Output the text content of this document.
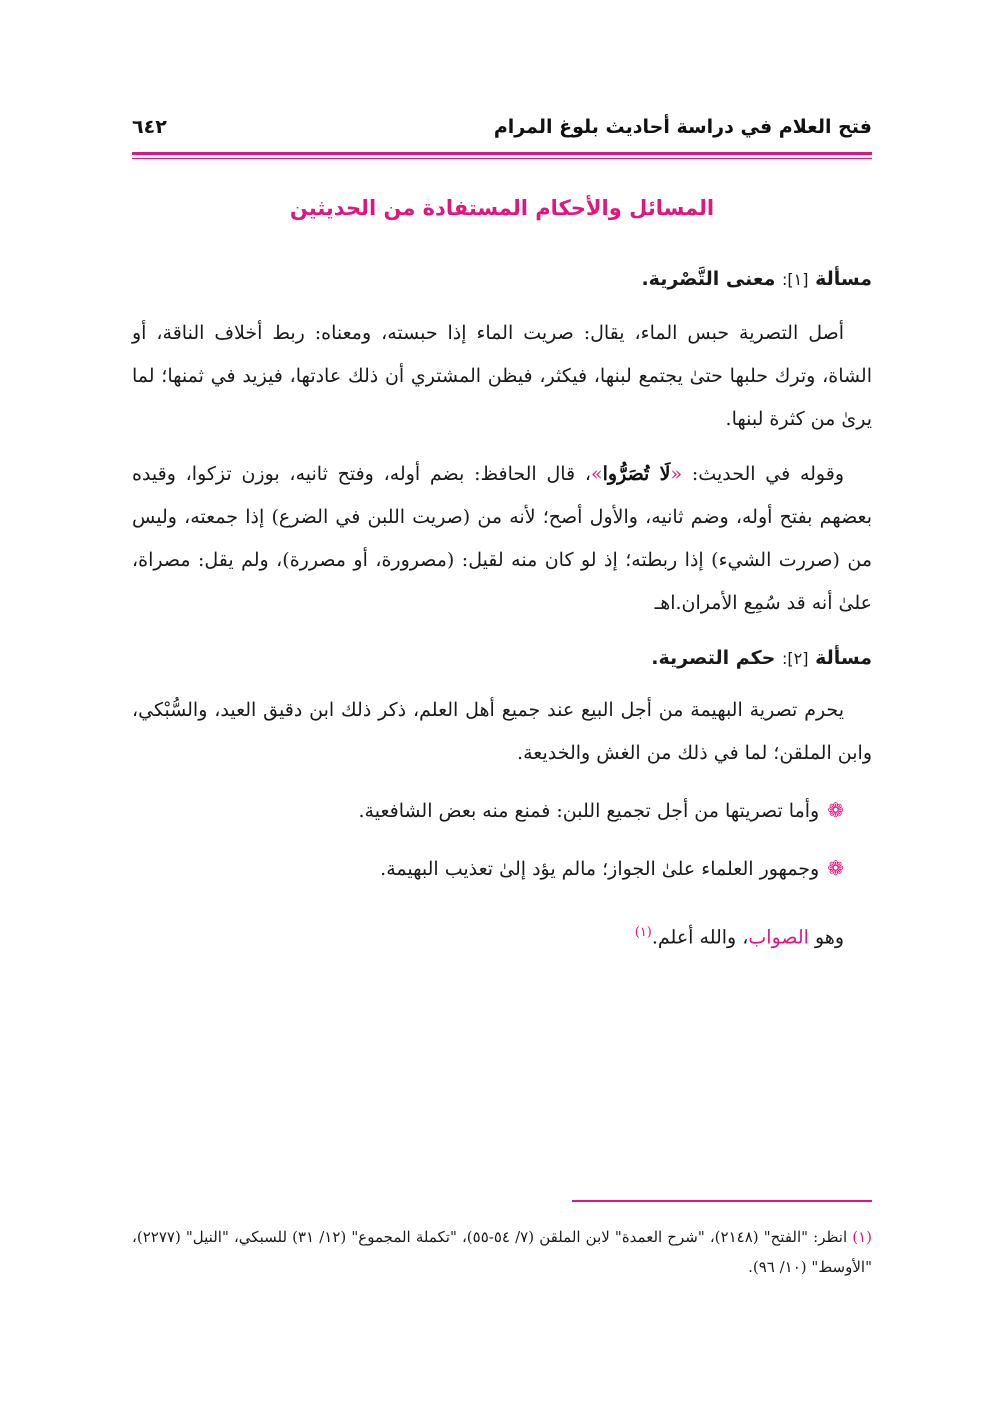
فتح العلام في دراسة أحاديث بلوغ المرام
٦٤٢
المسائل والأحكام المستفادة من الحديثين

مسألة [١]: معنى التَّصْرية.

أصل التصرية حبس الماء، يقال: صريت الماء إذا حبسته، ومعناه: ربط أخلاف الناقة، أو الشاة، وترك حلبها حتىٰ يجتمع لبنها، فيكثر، فيظن المشتري أن ذلك عادتها، فيزيد في ثمنها؛ لما يرىٰ من كثرة لبنها.

وقوله في الحديث: «لَا تُصَرُّوا»، قال الحافظ: بضم أوله، وفتح ثانيه، بوزن تزكوا، وقيده بعضهم بفتح أوله، وضم ثانيه، والأول أصح؛ لأنه من (صريت اللبن في الضرع) إذا جمعته، وليس من (صررت الشيء) إذا ربطته؛ إذ لو كان منه لقيل: (مصرورة، أو مصررة)، ولم يقل: مصراة، علىٰ أنه قد سُمِع الأمران.اهـ

مسألة [٢]: حكم التصرية.

يحرم تصرية البهيمة من أجل البيع عند جميع أهل العلم، ذكر ذلك ابن دقيق العيد، والسُّبْكي، وابن الملقن؛ لما في ذلك من الغش والخديعة.

❁وأما تصريتها من أجل تجميع اللبن: فمنع منه بعض الشافعية.

❁وجمهور العلماء علىٰ الجواز؛ مالم يؤد إلىٰ تعذيب البهيمة.

وهو الصواب، والله أعلم.$^{(١)}$

(١) انظر: "الفتح" (٢١٤٨)، "شرح العمدة" لابن الملقن (٧/ ٥٤-٥٥)، "تكملة المجموع" (١٢/ ٣١) للسبكي، "النيل" (٢٢٧٧)، "الأوسط" (١٠/ ٩٦).
